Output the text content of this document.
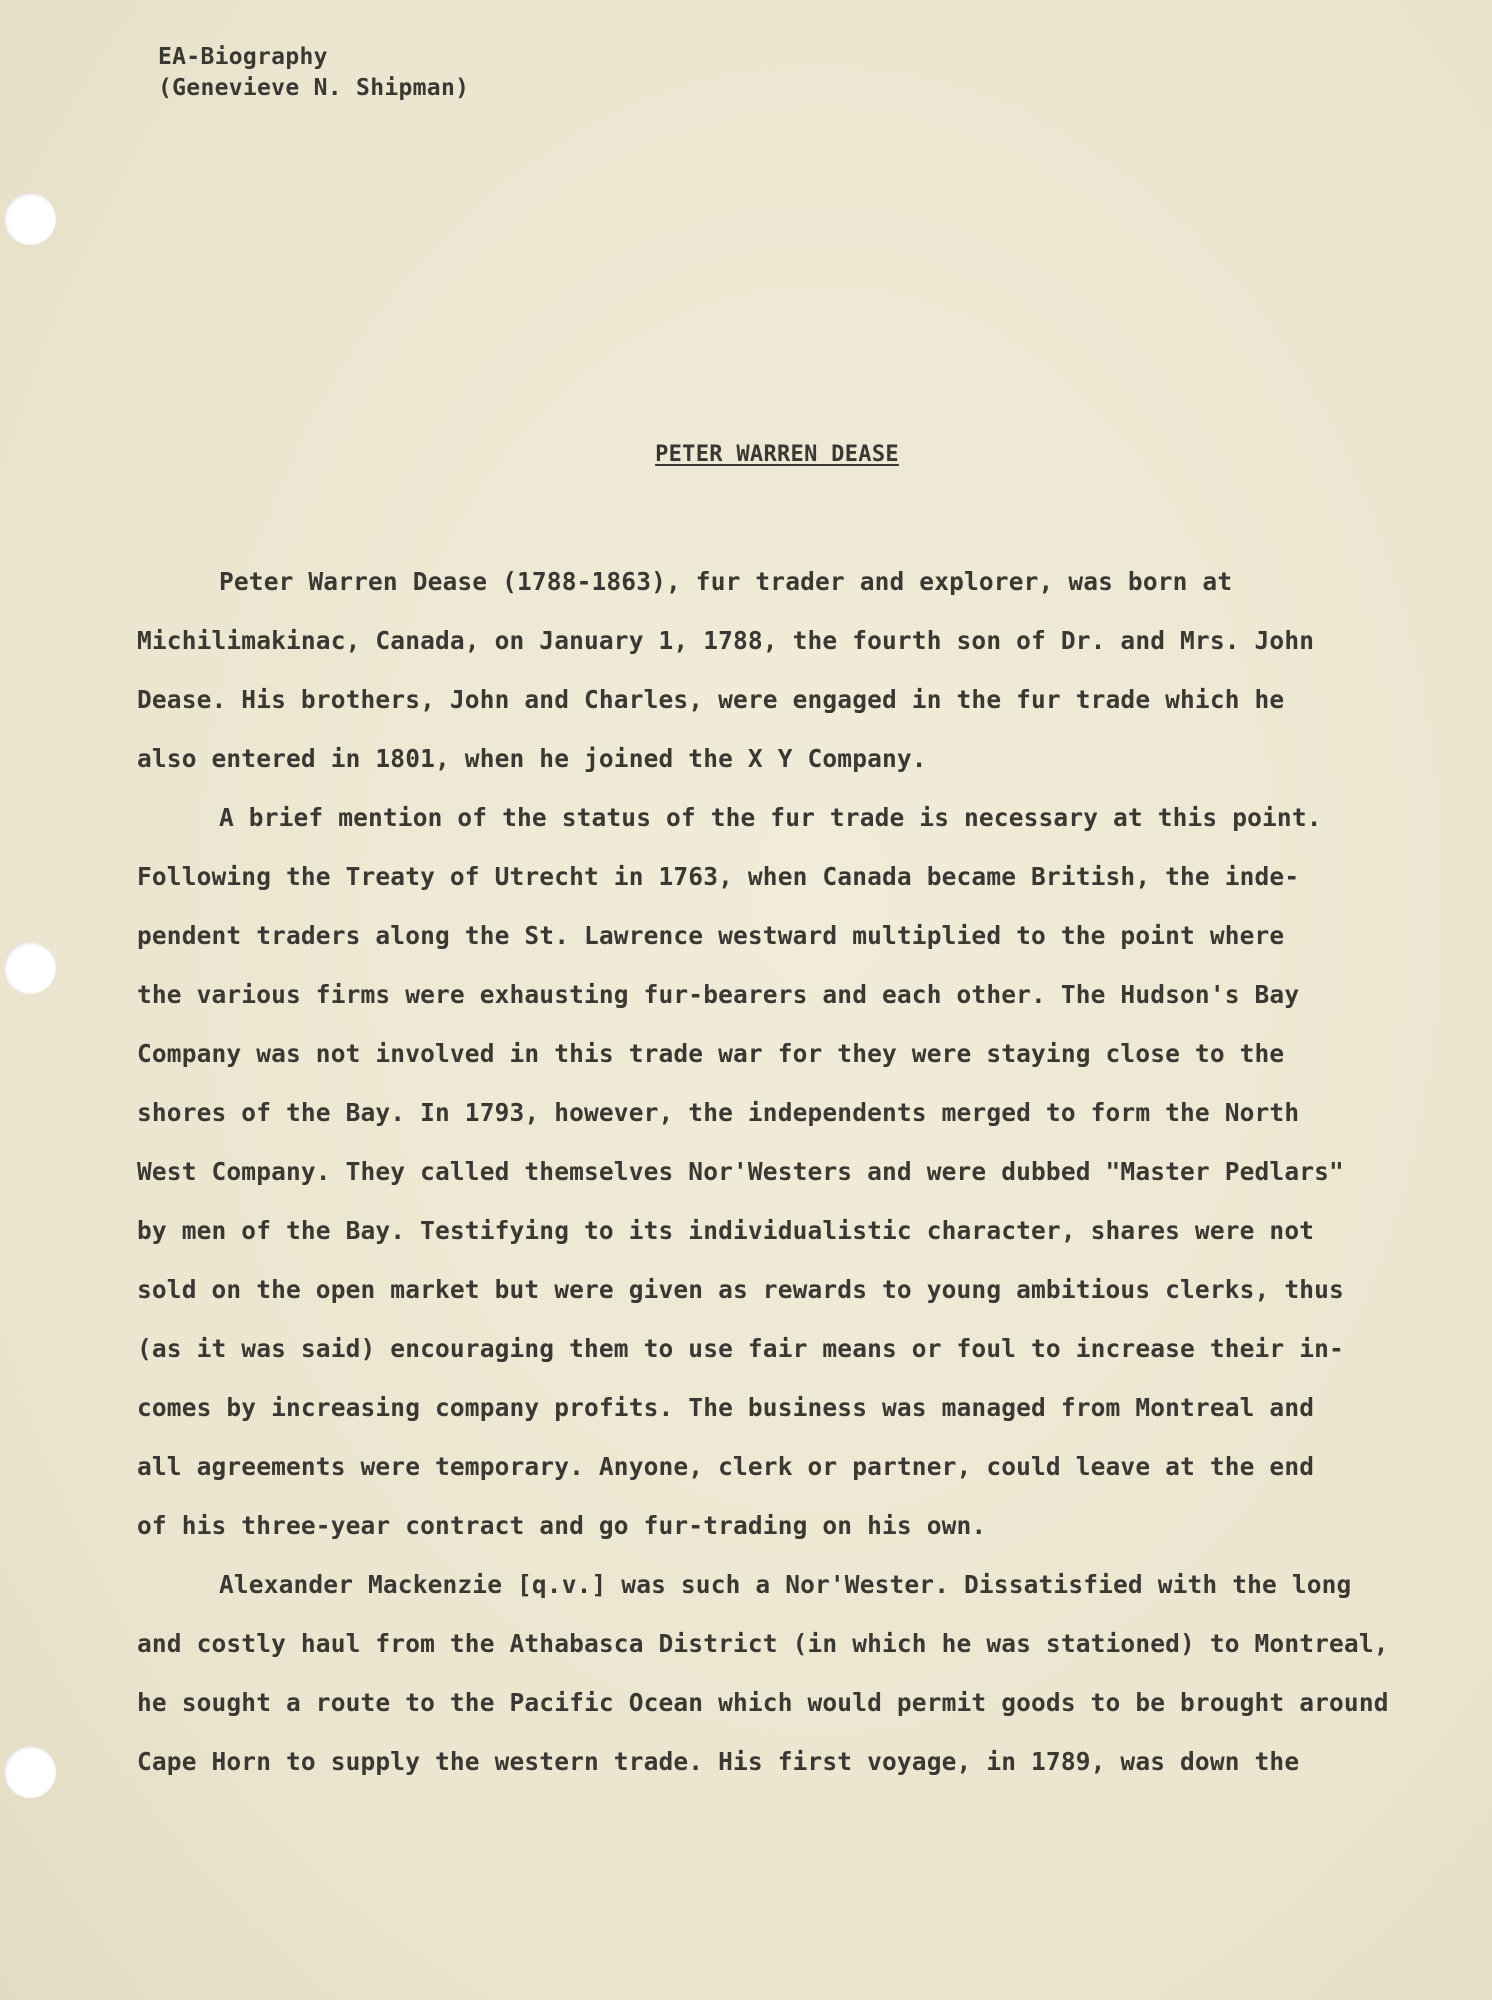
EA-Biography
(Genevieve N. Shipman)
PETER WARREN DEASE
Peter Warren Dease (1788-1863), fur trader and explorer, was born at
Michilimakinac, Canada, on January 1, 1788, the fourth son of Dr. and Mrs. John
Dease. His brothers, John and Charles, were engaged in the fur trade which he
also entered in 1801, when he joined the X Y Company.
A brief mention of the status of the fur trade is necessary at this point.
Following the Treaty of Utrecht in 1763, when Canada became British, the inde-
pendent traders along the St. Lawrence westward multiplied to the point where
the various firms were exhausting fur-bearers and each other. The Hudson's Bay
Company was not involved in this trade war for they were staying close to the
shores of the Bay. In 1793, however, the independents merged to form the North
West Company. They called themselves Nor'Westers and were dubbed "Master Pedlars"
by men of the Bay. Testifying to its individualistic character, shares were not
sold on the open market but were given as rewards to young ambitious clerks, thus
(as it was said) encouraging them to use fair means or foul to increase their in-
comes by increasing company profits. The business was managed from Montreal and
all agreements were temporary. Anyone, clerk or partner, could leave at the end
of his three-year contract and go fur-trading on his own.
Alexander Mackenzie [q.v.] was such a Nor'Wester. Dissatisfied with the long
and costly haul from the Athabasca District (in which he was stationed) to Montreal,
he sought a route to the Pacific Ocean which would permit goods to be brought around
Cape Horn to supply the western trade. His first voyage, in 1789, was down the
